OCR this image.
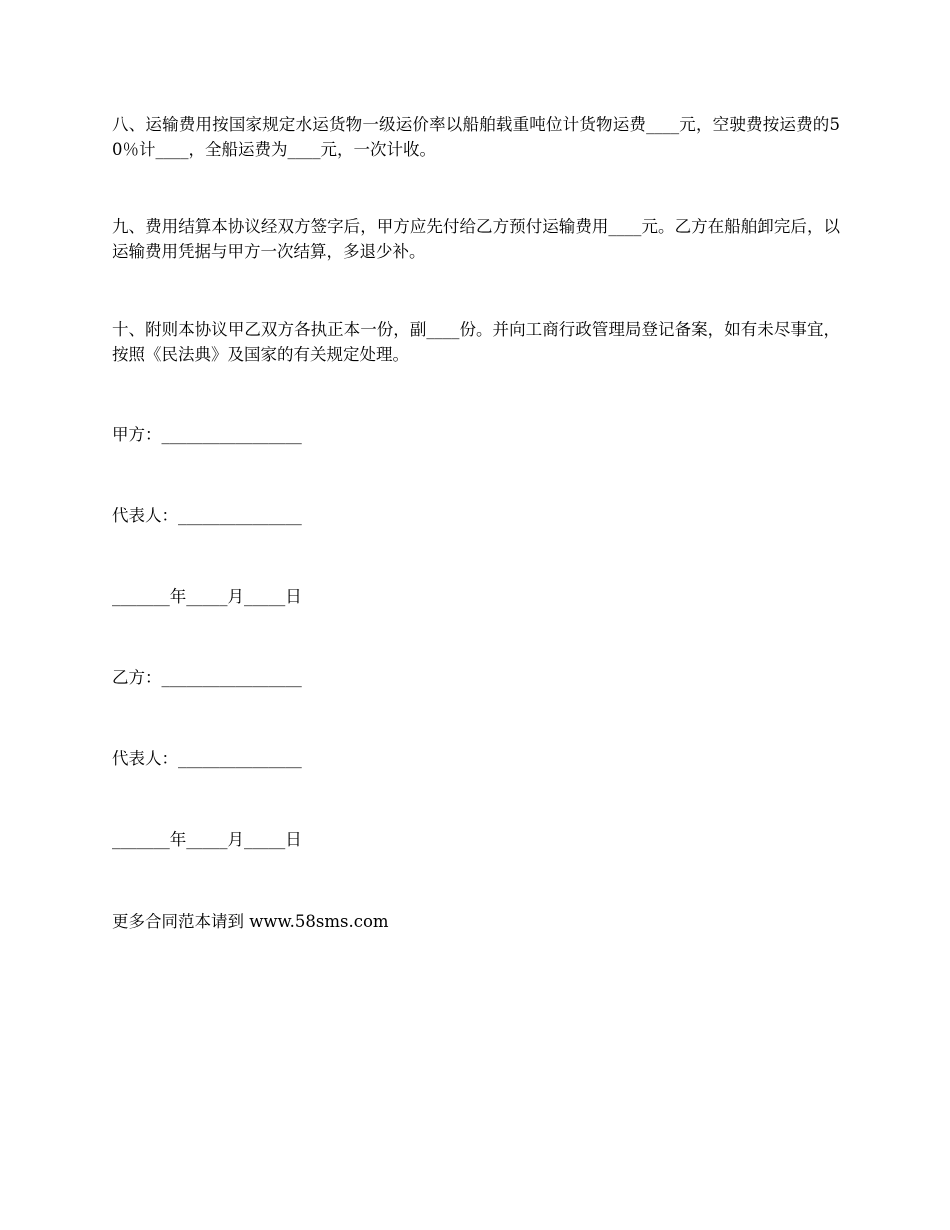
八、运输费用按国家规定水运货物一级运价率以船舶载重吨位计货物运费____元，空驶费按运费的50％计____，全船运费为____元，一次计收。

九、费用结算本协议经双方签字后，甲方应先付给乙方预付运输费用____元。乙方在船舶卸完后，以运输费用凭据与甲方一次结算，多退少补。

十、附则本协议甲乙双方各执正本一份，副____份。并向工商行政管理局登记备案，如有未尽事宜，按照《民法典》及国家的有关规定处理。

甲方：_________________

代表人：_______________

_______年_____月_____日

乙方：_________________

代表人：_______________

_______年_____月_____日

更多合同范本请到 www.58sms.com
